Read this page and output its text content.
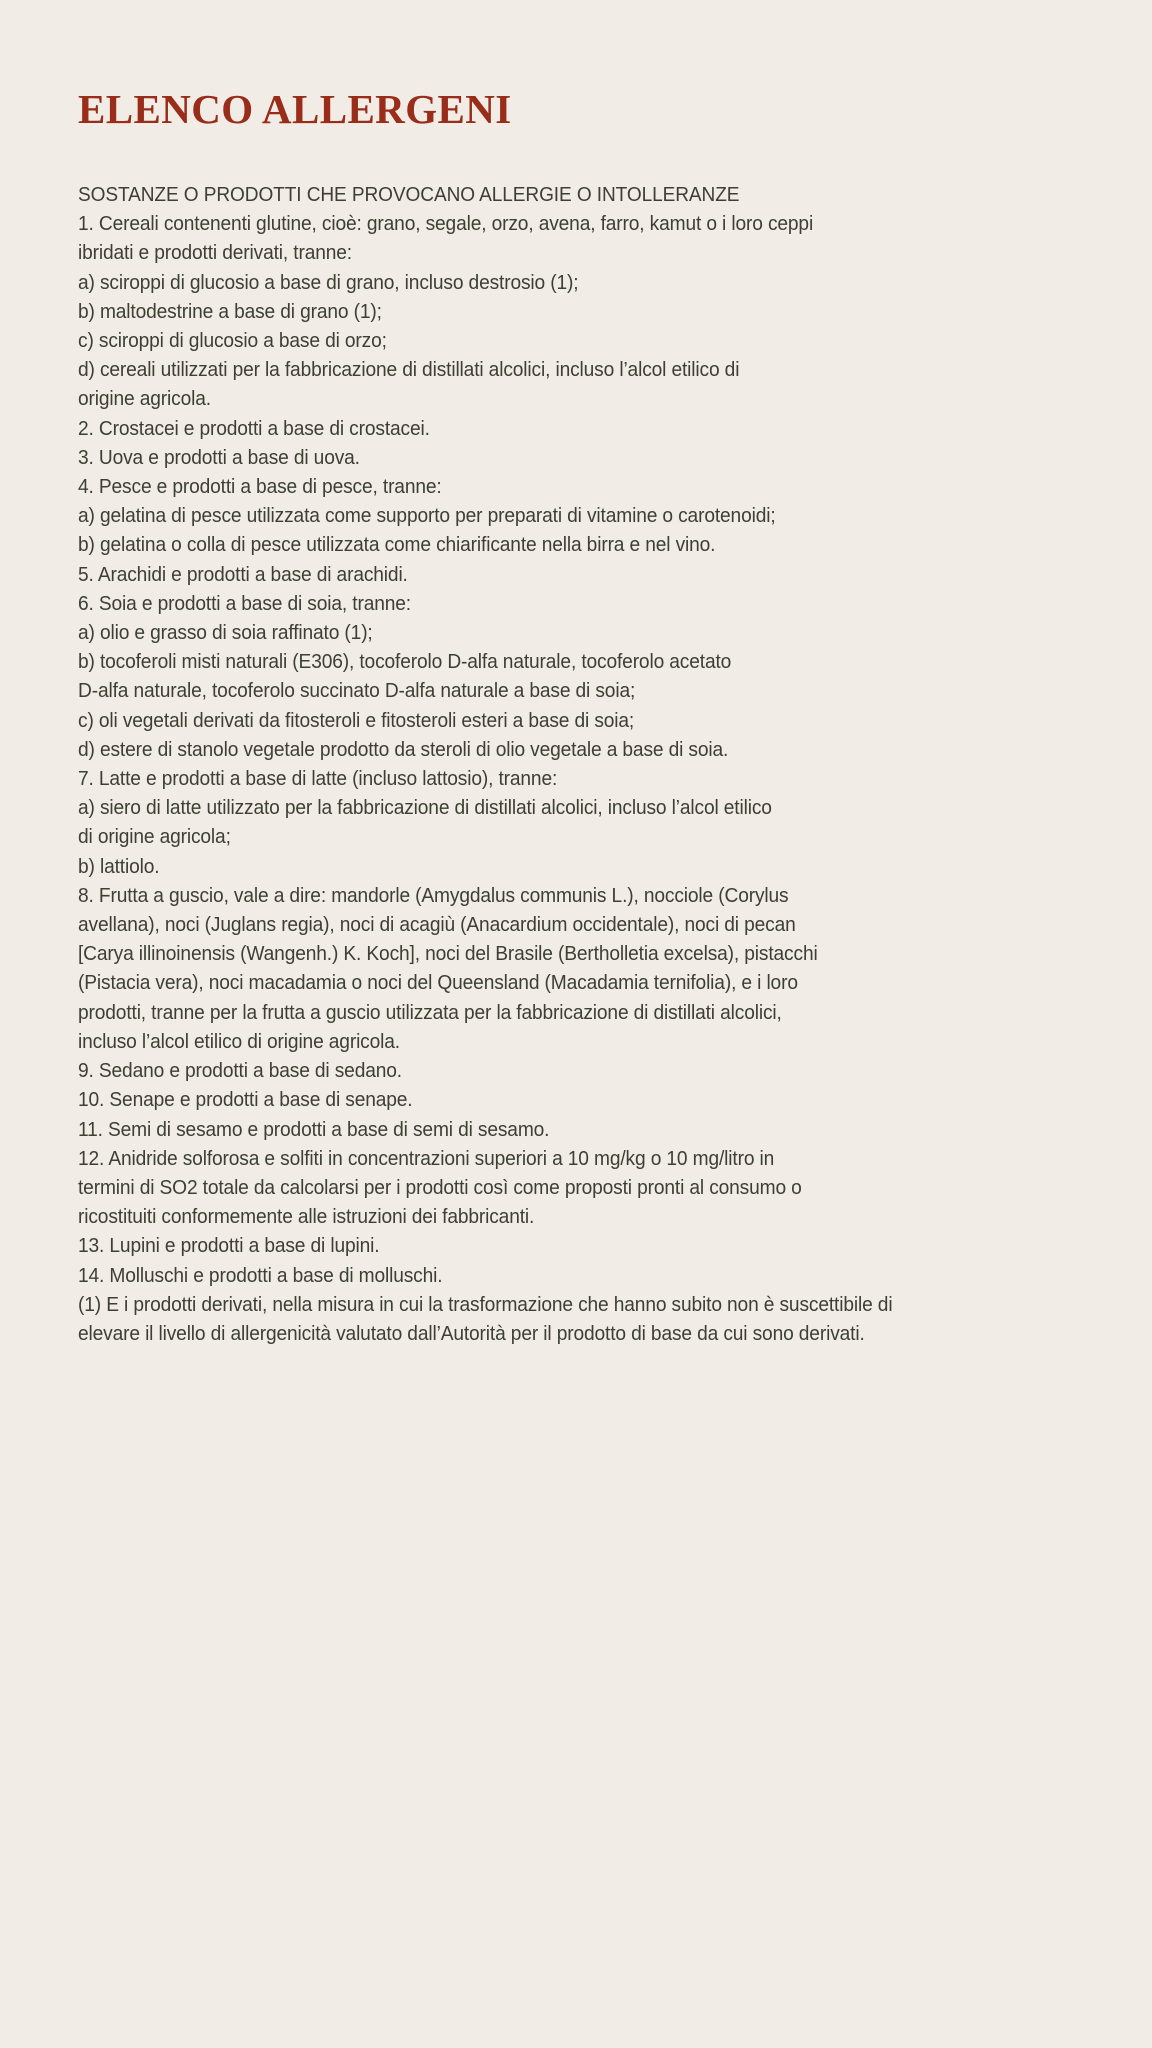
ELENCO ALLERGENI

SOSTANZE O PRODOTTI CHE PROVOCANO ALLERGIE O INTOLLERANZE

1. Cereali contenenti glutine, cioè: grano, segale, orzo, avena, farro, kamut o i loro ceppi

ibridati e prodotti derivati, tranne:

a) sciroppi di glucosio a base di grano, incluso destrosio (1);

b) maltodestrine a base di grano (1);

c) sciroppi di glucosio a base di orzo;

d) cereali utilizzati per la fabbricazione di distillati alcolici, incluso l’alcol etilico di

origine agricola.

2. Crostacei e prodotti a base di crostacei.

3. Uova e prodotti a base di uova.

4. Pesce e prodotti a base di pesce, tranne:

a) gelatina di pesce utilizzata come supporto per preparati di vitamine o carotenoidi;

b) gelatina o colla di pesce utilizzata come chiarificante nella birra e nel vino.

5. Arachidi e prodotti a base di arachidi.

6. Soia e prodotti a base di soia, tranne:

a) olio e grasso di soia raffinato (1);

b) tocoferoli misti naturali (E306), tocoferolo D-alfa naturale, tocoferolo acetato

D-alfa naturale, tocoferolo succinato D-alfa naturale a base di soia;

c) oli vegetali derivati da fitosteroli e fitosteroli esteri a base di soia;

d) estere di stanolo vegetale prodotto da steroli di olio vegetale a base di soia.

7. Latte e prodotti a base di latte (incluso lattosio), tranne:

a) siero di latte utilizzato per la fabbricazione di distillati alcolici, incluso l’alcol etilico

di origine agricola;

b) lattiolo.

8. Frutta a guscio, vale a dire: mandorle (Amygdalus communis L.), nocciole (Corylus

avellana), noci (Juglans regia), noci di acagiù (Anacardium occidentale), noci di pecan

[Carya illinoinensis (Wangenh.) K. Koch], noci del Brasile (Bertholletia excelsa), pistacchi

(Pistacia vera), noci macadamia o noci del Queensland (Macadamia ternifolia), e i loro

prodotti, tranne per la frutta a guscio utilizzata per la fabbricazione di distillati alcolici,

incluso l’alcol etilico di origine agricola.

9. Sedano e prodotti a base di sedano.

10. Senape e prodotti a base di senape.

11. Semi di sesamo e prodotti a base di semi di sesamo.

12. Anidride solforosa e solfiti in concentrazioni superiori a 10 mg/kg o 10 mg/litro in

termini di SO2 totale da calcolarsi per i prodotti così come proposti pronti al consumo o

ricostituiti conformemente alle istruzioni dei fabbricanti.

13. Lupini e prodotti a base di lupini.

14. Molluschi e prodotti a base di molluschi.

(1) E i prodotti derivati, nella misura in cui la trasformazione che hanno subito non è suscettibile di

elevare il livello di allergenicità valutato dall’Autorità per il prodotto di base da cui sono derivati.
